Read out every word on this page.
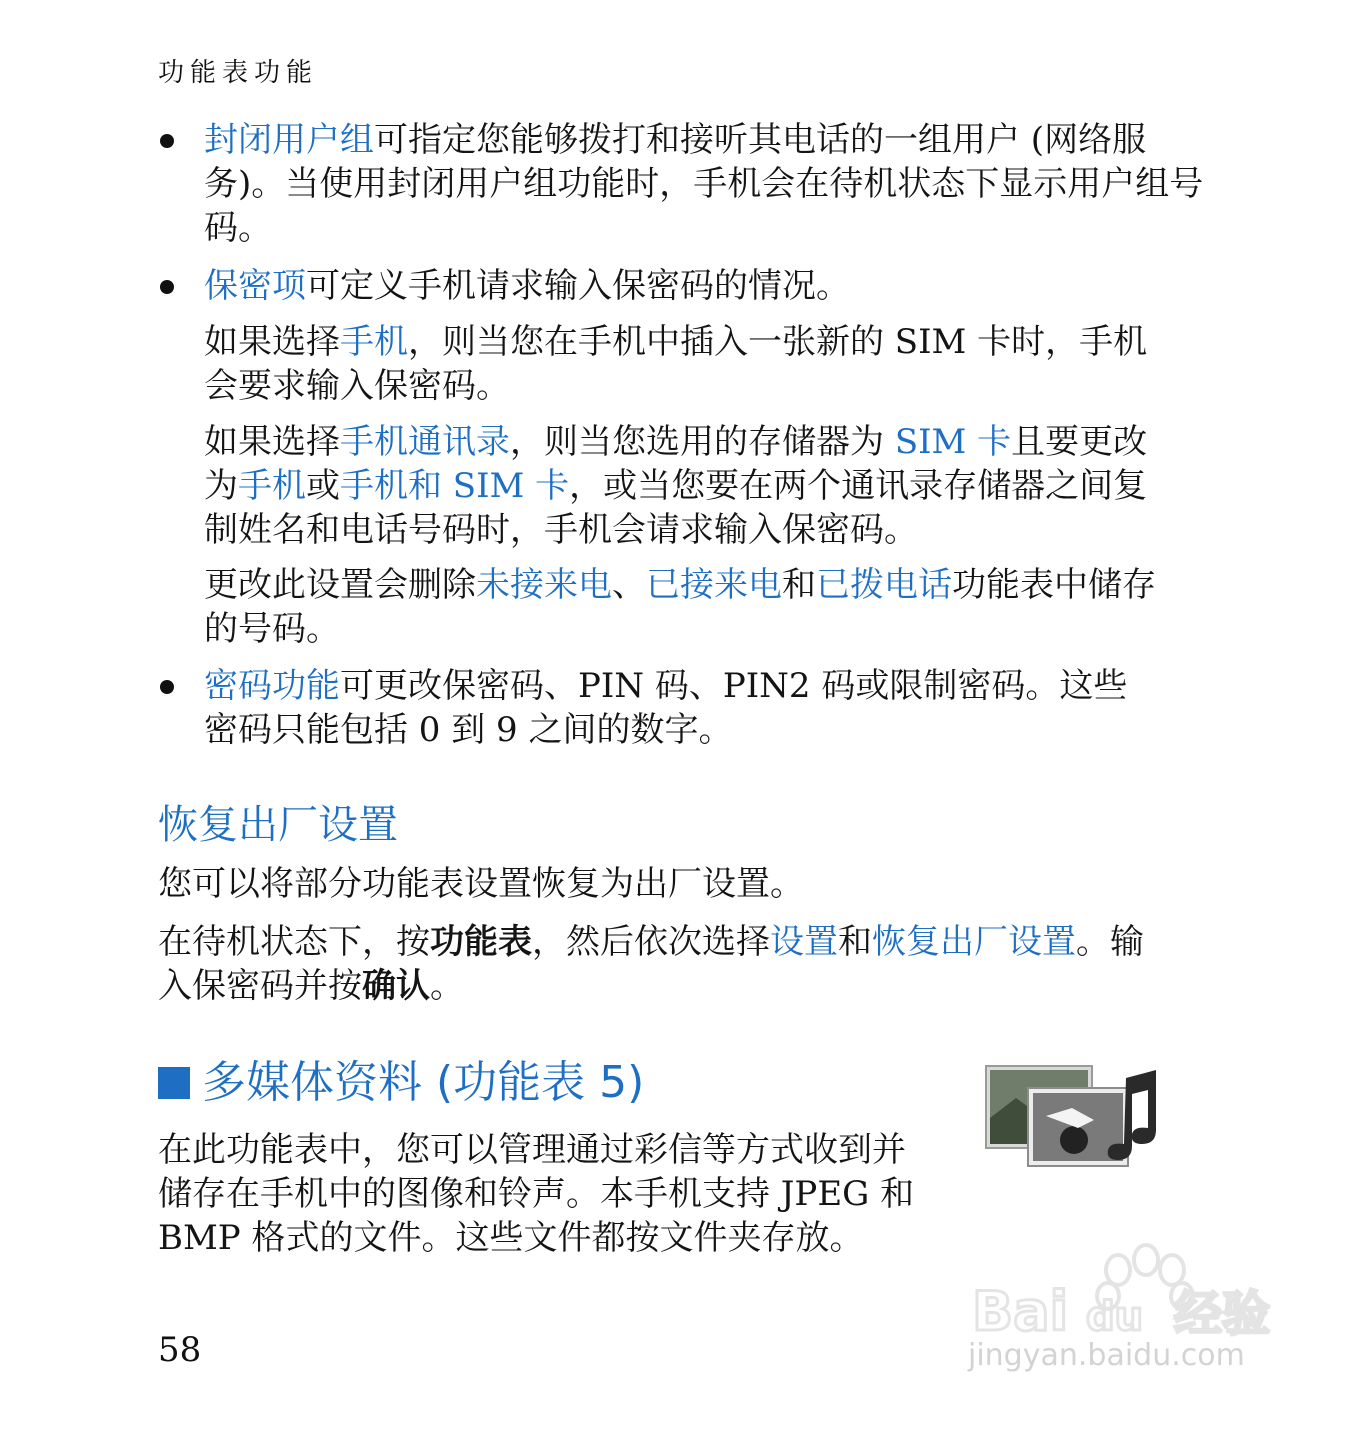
功能表功能

封闭用户组可指定您能够拨打和接听其电话的一组用户 (网络服务)。当使用封闭用户组功能时，手机会在待机状态下显示用户组号码。

保密项可定义手机请求输入保密码的情况。

如果选择手机，则当您在手机中插入一张新的 SIM 卡时，手机会要求输入保密码。

如果选择手机通讯录，则当您选用的存储器为 SIM 卡且要更改为手机或手机和 SIM 卡，或当您要在两个通讯录存储器之间复制姓名和电话号码时，手机会请求输入保密码。

更改此设置会删除未接来电、已接来电和已拨电话功能表中储存的号码。

密码功能可更改保密码、PIN 码、PIN2 码或限制密码。这些密码只能包括 0 到 9 之间的数字。

恢复出厂设置

您可以将部分功能表设置恢复为出厂设置。

在待机状态下，按功能表，然后依次选择设置和恢复出厂设置。输入保密码并按确认。

多媒体资料 (功能表 5)

在此功能表中，您可以管理通过彩信等方式收到并储存在手机中的图像和铃声。本手机支持 JPEG 和 BMP 格式的文件。这些文件都按文件夹存放。

58
Bai du 经验
jingyan.baidu.com
